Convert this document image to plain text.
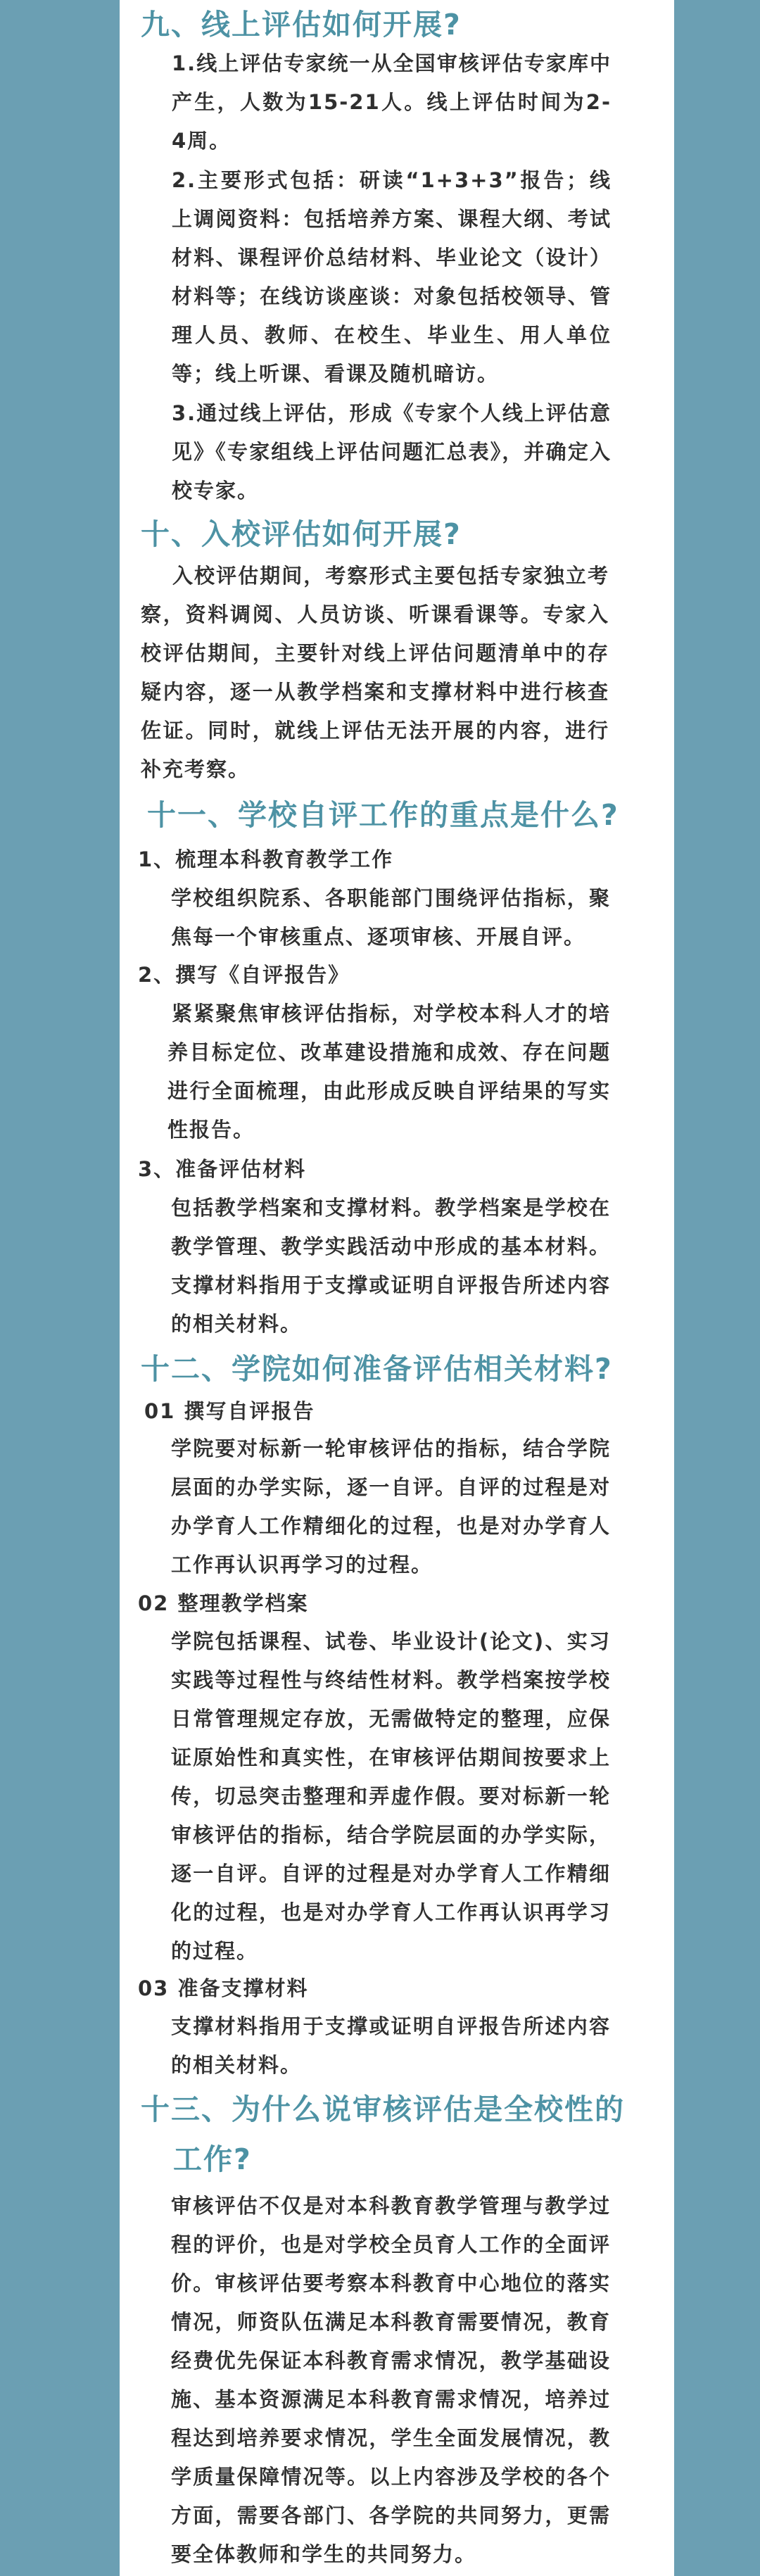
九、线上评估如何开展?

1.线上评估专家统一从全国审核评估专家库中产生，人数为15-21人。线上评估时间为2-4周。

2.主要形式包括：研读“1+3+3”报告；线上调阅资料：包括培养方案、课程大纲、考试材料、课程评价总结材料、毕业论文（设计）材料等；在线访谈座谈：对象包括校领导、管理人员、教师、在校生、毕业生、用人单位等；线上听课、看课及随机暗访。

3.通过线上评估，形成《专家个人线上评估意见》《专家组线上评估问题汇总表》，并确定入校专家。

十、入校评估如何开展?

入校评估期间，考察形式主要包括专家独立考察，资料调阅、人员访谈、听课看课等。专家入校评估期间，主要针对线上评估问题清单中的存疑内容，逐一从教学档案和支撑材料中进行核查佐证。同时，就线上评估无法开展的内容，进行补充考察。

十一、学校自评工作的重点是什么?

1、梳理本科教育教学工作

学校组织院系、各职能部门围绕评估指标，聚焦每一个审核重点、逐项审核、开展自评。

2、撰写《自评报告》

紧紧聚焦审核评估指标，对学校本科人才的培养目标定位、改革建设措施和成效、存在问题进行全面梳理，由此形成反映自评结果的写实性报告。

3、准备评估材料

包括教学档案和支撑材料。教学档案是学校在教学管理、教学实践活动中形成的基本材料。支撑材料指用于支撑或证明自评报告所述内容的相关材料。

十二、学院如何准备评估相关材料?

01 撰写自评报告

学院要对标新一轮审核评估的指标，结合学院层面的办学实际，逐一自评。自评的过程是对办学育人工作精细化的过程，也是对办学育人工作再认识再学习的过程。

02 整理教学档案

学院包括课程、试卷、毕业设计(论文)、实习实践等过程性与终结性材料。教学档案按学校日常管理规定存放，无需做特定的整理，应保证原始性和真实性，在审核评估期间按要求上传，切忌突击整理和弄虚作假。要对标新一轮审核评估的指标，结合学院层面的办学实际，逐一自评。自评的过程是对办学育人工作精细化的过程，也是对办学育人工作再认识再学习的过程。

03 准备支撑材料

支撑材料指用于支撑或证明自评报告所述内容的相关材料。

十三、为什么说审核评估是全校性的
工作?

审核评估不仅是对本科教育教学管理与教学过程的评价，也是对学校全员育人工作的全面评价。审核评估要考察本科教育中心地位的落实情况，师资队伍满足本科教育需要情况，教育经费优先保证本科教育需求情况，教学基础设施、基本资源满足本科教育需求情况，培养过程达到培养要求情况，学生全面发展情况，教学质量保障情况等。以上内容涉及学校的各个方面，需要各部门、各学院的共同努力，更需要全体教师和学生的共同努力。
